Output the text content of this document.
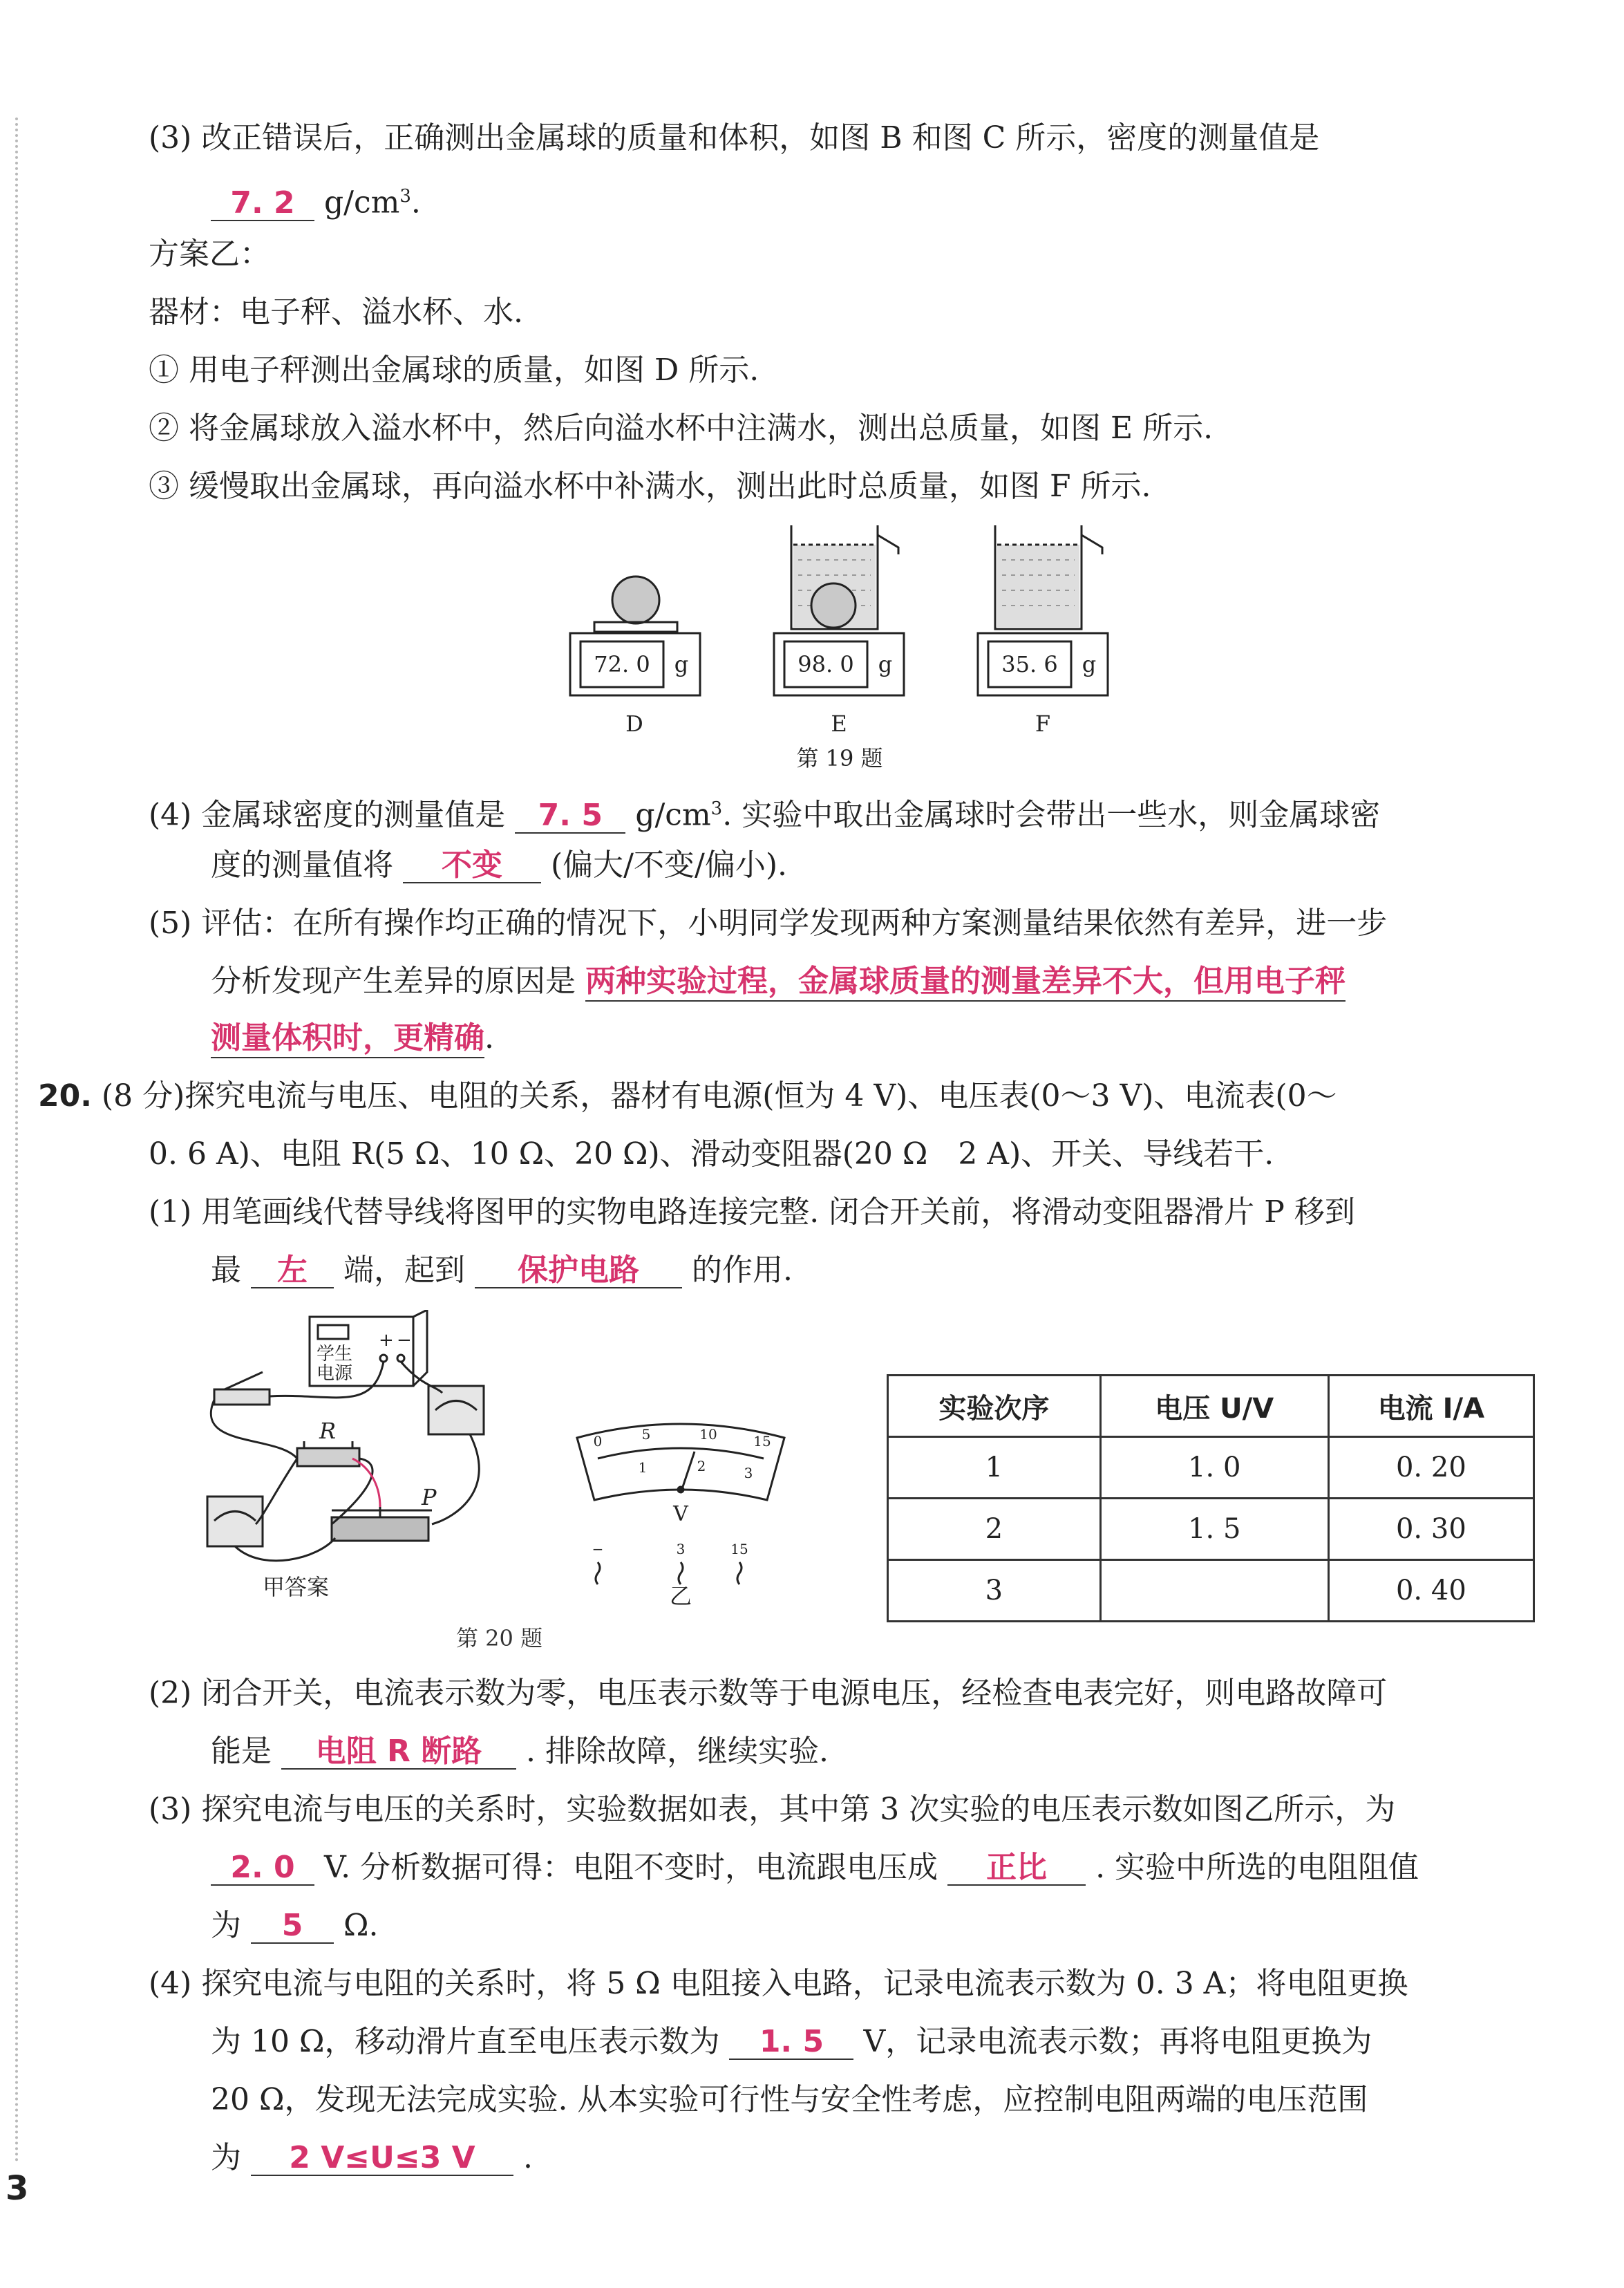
(3) 改正错误后，正确测出金属球的质量和体积，如图 B 和图 C 所示，密度的测量值是
7. 2 $g/cm^3$.
方案乙：
器材：电子秤、溢水杯、水.
① 用电子秤测出金属球的质量，如图 D 所示.
② 将金属球放入溢水杯中，然后向溢水杯中注满水，测出总质量，如图 E 所示.
③ 缓慢取出金属球，再向溢水杯中补满水，测出此时总质量，如图 F 所示.
72. 0 g	98. 0 g	35. 6 g
D	E	F
第 19 题
(4) 金属球密度的测量值是 7. 5 $g/cm^3$. 实验中取出金属球时会带出一些水，则金属球密
度的测量值将 不变 (偏大/不变/偏小).
(5) 评估：在所有操作均正确的情况下，小明同学发现两种方案测量结果依然有差异，进一步
分析发现产生差异的原因是 两种实验过程，金属球质量的测量差异不大，但用电子秤
测量体积时，更精确.
20. (8 分)探究电流与电压、电阻的关系，器材有电源(恒为 4 V)、电压表(0～3 V)、电流表(0～
0. 6 A)、电阻 R(5 Ω、10 Ω、20 Ω)、滑动变阻器(20 Ω　2 A)、开关、导线若干.
(1) 用笔画线代替导线将图甲的实物电路连接完整. 闭合开关前，将滑动变阻器滑片 P 移到
最 左 端，起到 保护电路 的作用.
学生
电源
+ −
R
P
甲答案
0	5	10	15
1	2	3
V
−	3	15
乙
第 20 题
实验次序	电压 U/V	电流 I/A
1	1. 0	0. 20
2	1. 5	0. 30
3		0. 40
(2) 闭合开关，电流表示数为零，电压表示数等于电源电压，经检查电表完好，则电路故障可
能是 电阻 R 断路 . 排除故障，继续实验.
(3) 探究电流与电压的关系时，实验数据如表，其中第 3 次实验的电压表示数如图乙所示，为
2. 0 V. 分析数据可得：电阻不变时，电流跟电压成 正比 . 实验中所选的电阻阻值
为 5 Ω.
(4) 探究电流与电阻的关系时，将 5 Ω 电阻接入电路，记录电流表示数为 0. 3 A；将电阻更换
为 10 Ω，移动滑片直至电压表示数为 1. 5 V，记录电流表示数；再将电阻更换为
20 Ω，发现无法完成实验. 从本实验可行性与安全性考虑，应控制电阻两端的电压范围
为 2 V≤U≤3 V .
3
